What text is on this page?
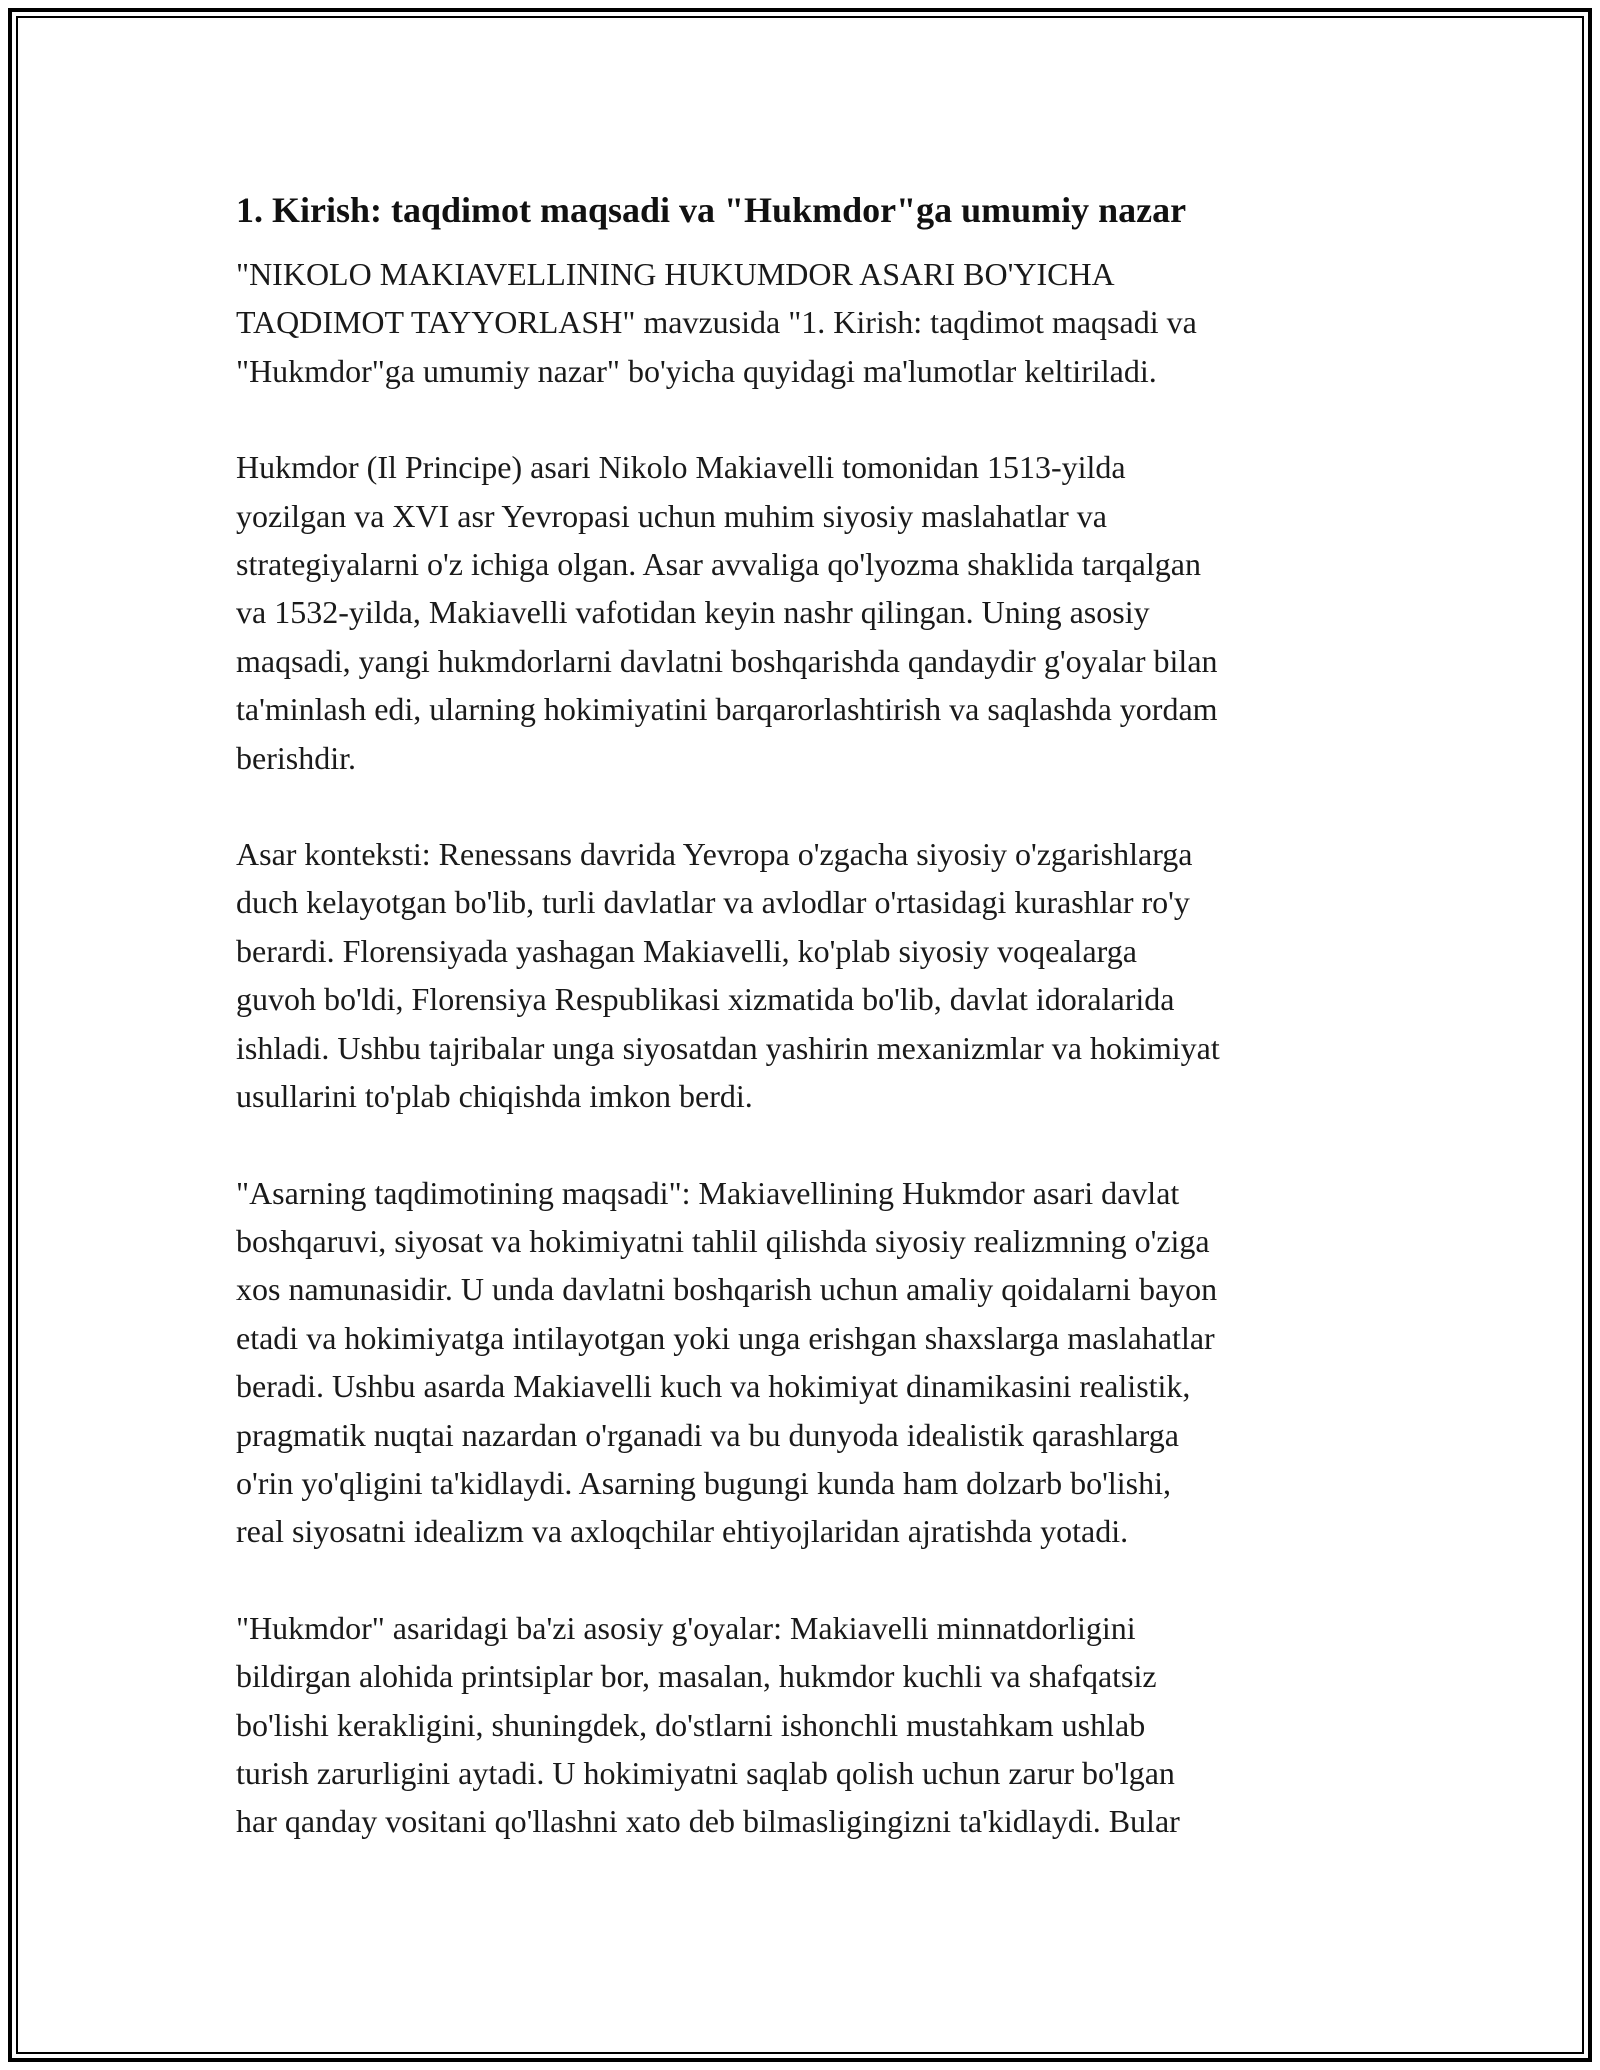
1. Kirish: taqdimot maqsadi va "Hukmdor"ga umumiy nazar

"NIKOLO MAKIAVELLINING HUKUMDOR ASARI BO'YICHA
TAQDIMOT TAYYORLASH" mavzusida "1. Kirish: taqdimot maqsadi va
"Hukmdor"ga umumiy nazar" bo'yicha quyidagi ma'lumotlar keltiriladi.

Hukmdor (Il Principe) asari Nikolo Makiavelli tomonidan 1513-yilda
yozilgan va XVI asr Yevropasi uchun muhim siyosiy maslahatlar va
strategiyalarni o'z ichiga olgan. Asar avvaliga qo'lyozma shaklida tarqalgan
va 1532-yilda, Makiavelli vafotidan keyin nashr qilingan. Uning asosiy
maqsadi, yangi hukmdorlarni davlatni boshqarishda qandaydir g'oyalar bilan
ta'minlash edi, ularning hokimiyatini barqarorlashtirish va saqlashda yordam
berishdir.

Asar konteksti: Renessans davrida Yevropa o'zgacha siyosiy o'zgarishlarga
duch kelayotgan bo'lib, turli davlatlar va avlodlar o'rtasidagi kurashlar ro'y
berardi. Florensiyada yashagan Makiavelli, ko'plab siyosiy voqealarga
guvoh bo'ldi, Florensiya Respublikasi xizmatida bo'lib, davlat idoralarida
ishladi. Ushbu tajribalar unga siyosatdan yashirin mexanizmlar va hokimiyat
usullarini to'plab chiqishda imkon berdi.

"Asarning taqdimotining maqsadi": Makiavellining Hukmdor asari davlat
boshqaruvi, siyosat va hokimiyatni tahlil qilishda siyosiy realizmning o'ziga
xos namunasidir. U unda davlatni boshqarish uchun amaliy qoidalarni bayon
etadi va hokimiyatga intilayotgan yoki unga erishgan shaxslarga maslahatlar
beradi. Ushbu asarda Makiavelli kuch va hokimiyat dinamikasini realistik,
pragmatik nuqtai nazardan o'rganadi va bu dunyoda idealistik qarashlarga
o'rin yo'qligini ta'kidlaydi. Asarning bugungi kunda ham dolzarb bo'lishi,
real siyosatni idealizm va axloqchilar ehtiyojlaridan ajratishda yotadi.

"Hukmdor" asaridagi ba'zi asosiy g'oyalar: Makiavelli minnatdorligini
bildirgan alohida printsiplar bor, masalan, hukmdor kuchli va shafqatsiz
bo'lishi kerakligini, shuningdek, do'stlarni ishonchli mustahkam ushlab
turish zarurligini aytadi. U hokimiyatni saqlab qolish uchun zarur bo'lgan
har qanday vositani qo'llashni xato deb bilmasligingizni ta'kidlaydi. Bular
